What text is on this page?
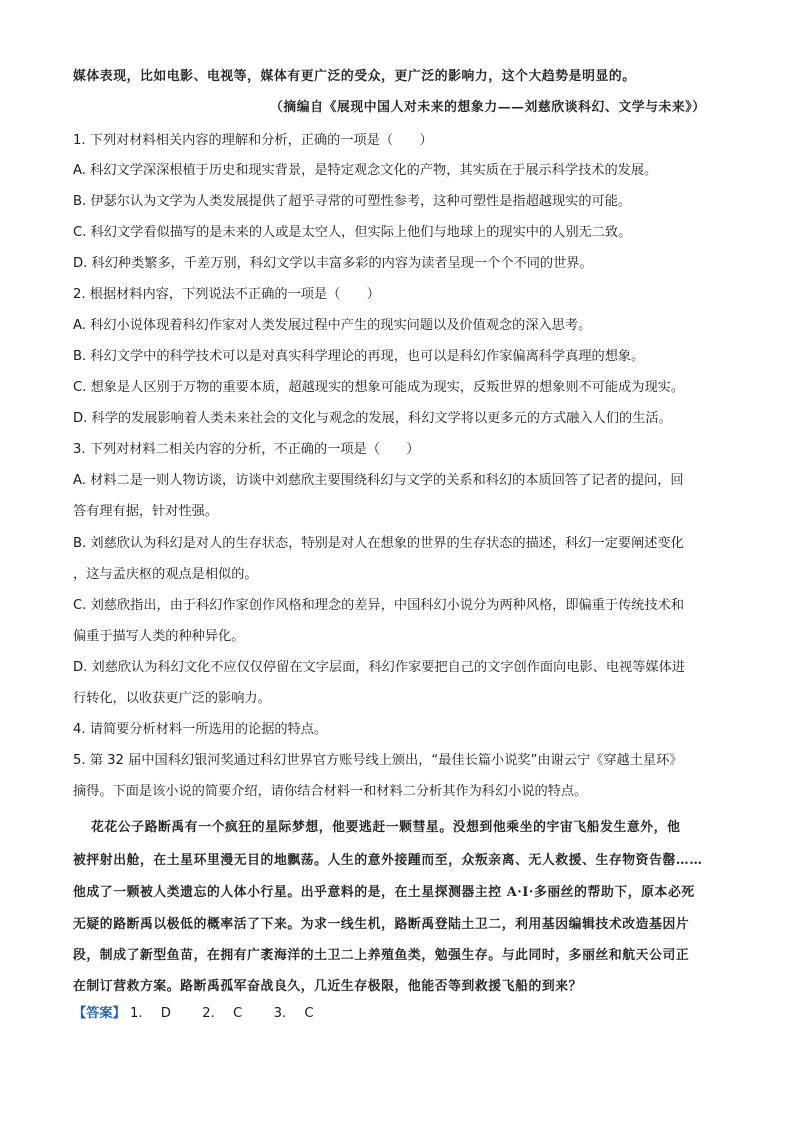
媒体表现，比如电影、电视等，媒体有更广泛的受众，更广泛的影响力，这个大趋势是明显的。
（摘编自《展现中国人对未来的想象力——刘慈欣谈科幻、文学与未来》）
1. 下列对材料相关内容的理解和分析，正确的一项是（　　）
A. 科幻文学深深根植于历史和现实背景，是特定观念文化的产物，其实质在于展示科学技术的发展。
B. 伊瑟尔认为文学为人类发展提供了超乎寻常的可塑性参考，这种可塑性是指超越现实的可能。
C. 科幻文学看似描写的是未来的人或是太空人，但实际上他们与地球上的现实中的人别无二致。
D. 科幻种类繁多，千差万别，科幻文学以丰富多彩的内容为读者呈现一个个不同的世界。
2. 根据材料内容，下列说法不正确的一项是（　　）
A. 科幻小说体现着科幻作家对人类发展过程中产生的现实问题以及价值观念的深入思考。
B. 科幻文学中的科学技术可以是对真实科学理论的再现，也可以是科幻作家偏离科学真理的想象。
C. 想象是人区别于万物的重要本质，超越现实的想象可能成为现实，反叛世界的想象则不可能成为现实。
D. 科学的发展影响着人类未来社会的文化与观念的发展，科幻文学将以更多元的方式融入人们的生活。
3. 下列对材料二相关内容的分析，不正确的一项是（　　）
A. 材料二是一则人物访谈，访谈中刘慈欣主要围绕科幻与文学的关系和科幻的本质回答了记者的提问，回
答有理有据，针对性强。
B. 刘慈欣认为科幻是对人的生存状态，特别是对人在想象的世界的生存状态的描述，科幻一定要阐述变化
，这与孟庆枢的观点是相似的。
C. 刘慈欣指出，由于科幻作家创作风格和理念的差异，中国科幻小说分为两种风格，即偏重于传统技术和
偏重于描写人类的种种异化。
D. 刘慈欣认为科幻文化不应仅仅停留在文字层面，科幻作家要把自己的文字创作面向电影、电视等媒体进
行转化，以收获更广泛的影响力。
4. 请简要分析材料一所选用的论据的特点。
5. 第 32 届中国科幻银河奖通过科幻世界官方账号线上颁出，“最佳长篇小说奖”由谢云宁《穿越土星环》
摘得。下面是该小说的简要介绍，请你结合材料一和材料二分析其作为科幻小说的特点。
花花公子路断禹有一个疯狂的星际梦想，他要逃赶一颗彗星。没想到他乘坐的宇宙飞船发生意外，他
被抨射出舱，在土星环里漫无目的地飘荡。人生的意外接踵而至，众叛亲离、无人救援、生存物资告罄……
他成了一颗被人类遗忘的人体小行星。出乎意料的是，在土星探测器主控 A·I·多丽丝的帮助下，原本必死
无疑的路断禹以极低的概率活了下来。为求一线生机，路断禹登陆土卫二，利用基因编辑技术改造基因片
段，制成了新型鱼苗，在拥有广袤海洋的土卫二上养殖鱼类，勉强生存。与此同时，多丽丝和航天公司正
在制订营救方案。路断禹孤军奋战良久，几近生存极限，他能否等到救援飞船的到来？
【答案】 1. D　 2. C　 3. C
